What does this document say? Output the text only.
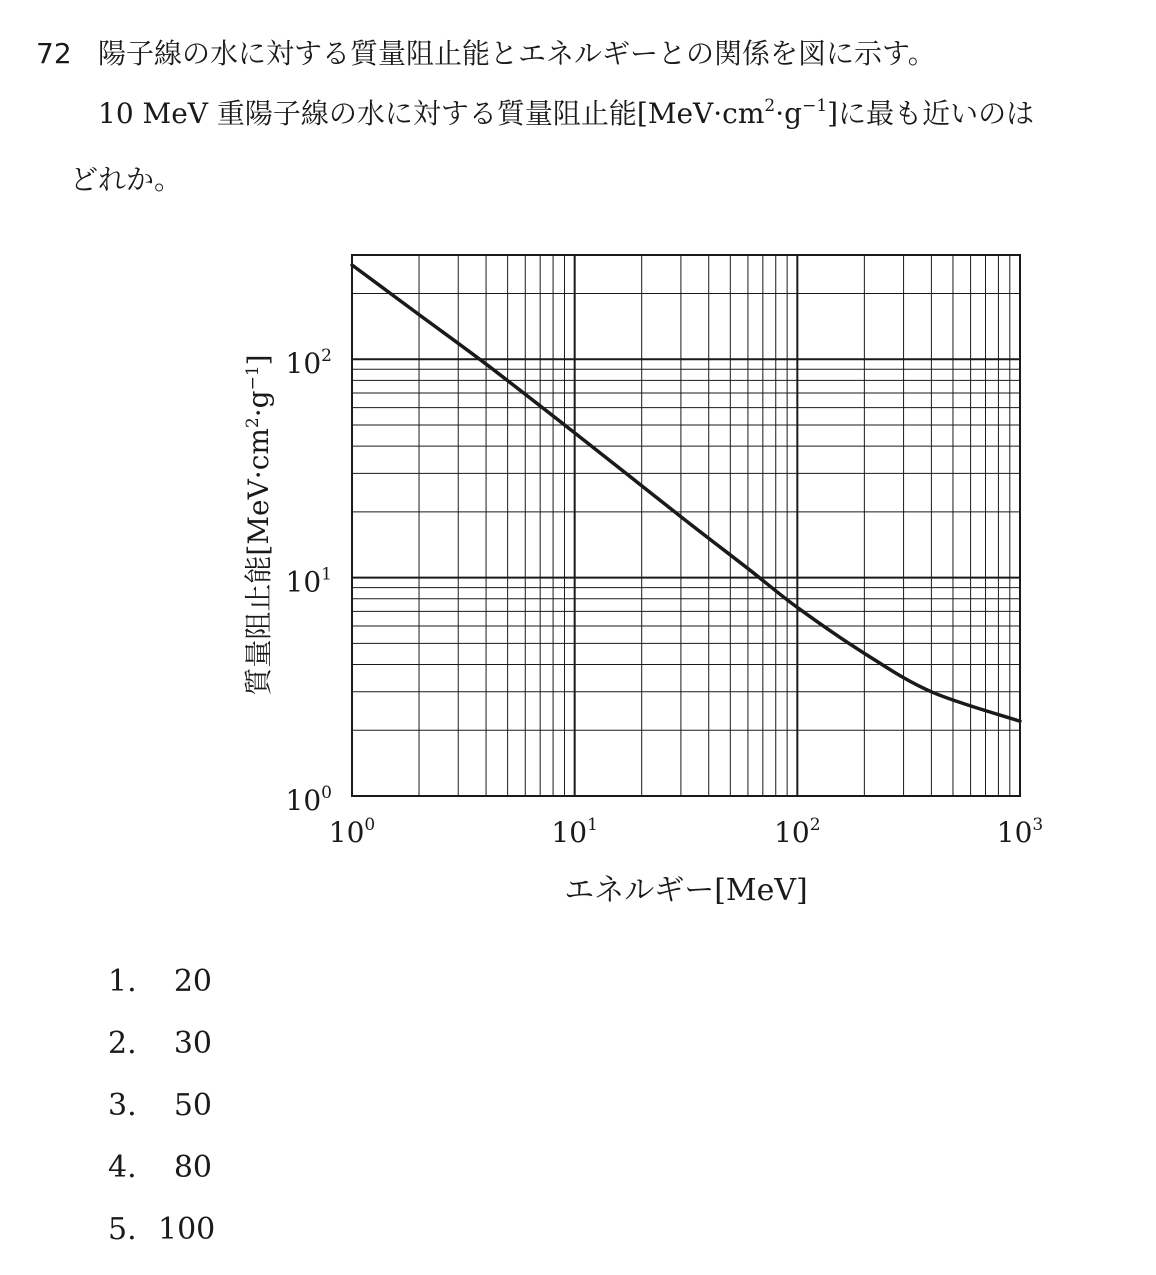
72 陽子線の水に対する質量阻止能とエネルギーとの関係を図に示す。
10 MeV 重陽子線の水に対する質量阻止能$[MeV\cdot cm^2\cdot g^{-1}]$に最も近いのは
どれか。
$10^0$	$10^1$	$10^2$	$10^3$
$10^0$
$10^1$
$10^2$
エネルギー[MeV]
質量阻止能$[MeV\cdot cm^2\cdot g^{-1}]$
1. 20
2. 30
3. 50
4. 80
5. 100
